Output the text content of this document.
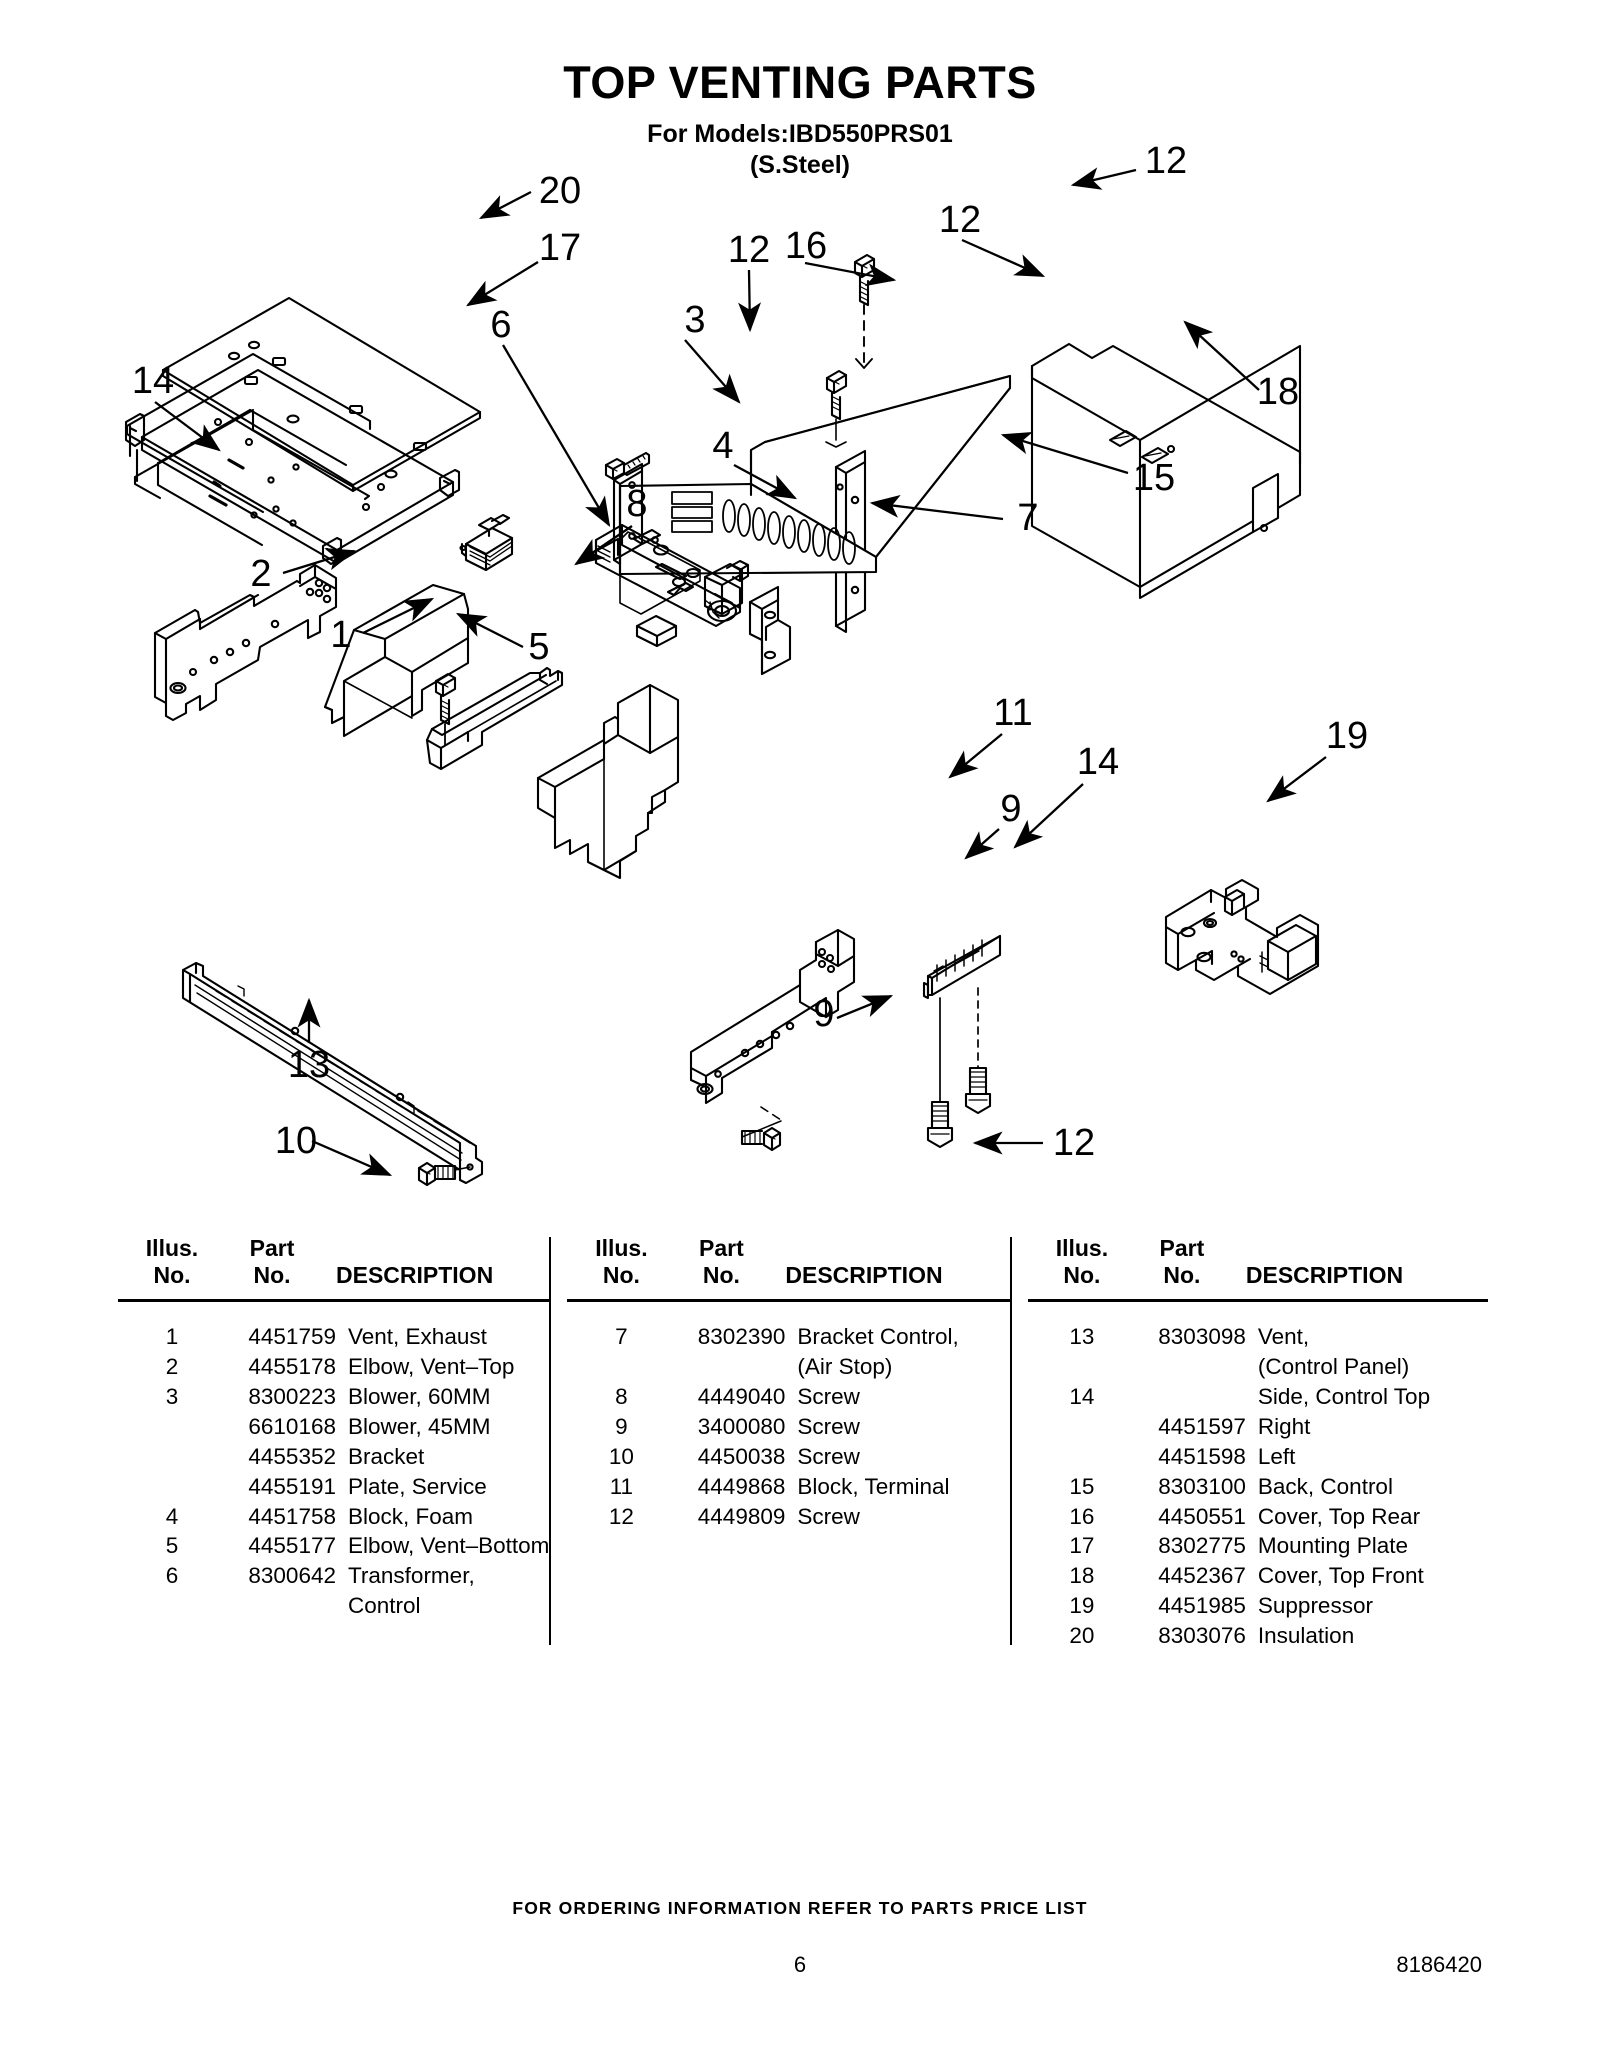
TOP VENTING PARTS
For Models:IBD550PRS01
(S.Steel)
20
17
6
14
12
12
12 16
3
18
15
4
7
8
2
1	5
11
9
9
14
19
13
10	12
Illus.
No.
Part
No.	DESCRIPTION
1	4451759 Vent, Exhaust
2	4455178 Elbow, Vent–Top
3	8300223 Blower, 60MM
6610168 Blower, 45MM
4455352 Bracket
4455191 Plate, Service
4	4451758 Block, Foam
5	4455177 Elbow, Vent–Bottom
6	8300642 Transformer,
Control
Illus.
No.
Part
No.	DESCRIPTION
7	8302390 Bracket Control,
(Air Stop)
8	4449040 Screw
9	3400080 Screw
10	4450038 Screw
11	4449868 Block, Terminal
12	4449809 Screw
Illus.
No.
Part
No.	DESCRIPTION
13	8303098 Vent,
(Control Panel)
14	Side, Control Top
4451597 Right
4451598 Left
15	8303100 Back, Control
16	4450551 Cover, Top Rear
17	8302775 Mounting Plate
18	4452367 Cover, Top Front
19	4451985 Suppressor
20	8303076 Insulation
FOR ORDERING INFORMATION REFER TO PARTS PRICE LIST
6	8186420
